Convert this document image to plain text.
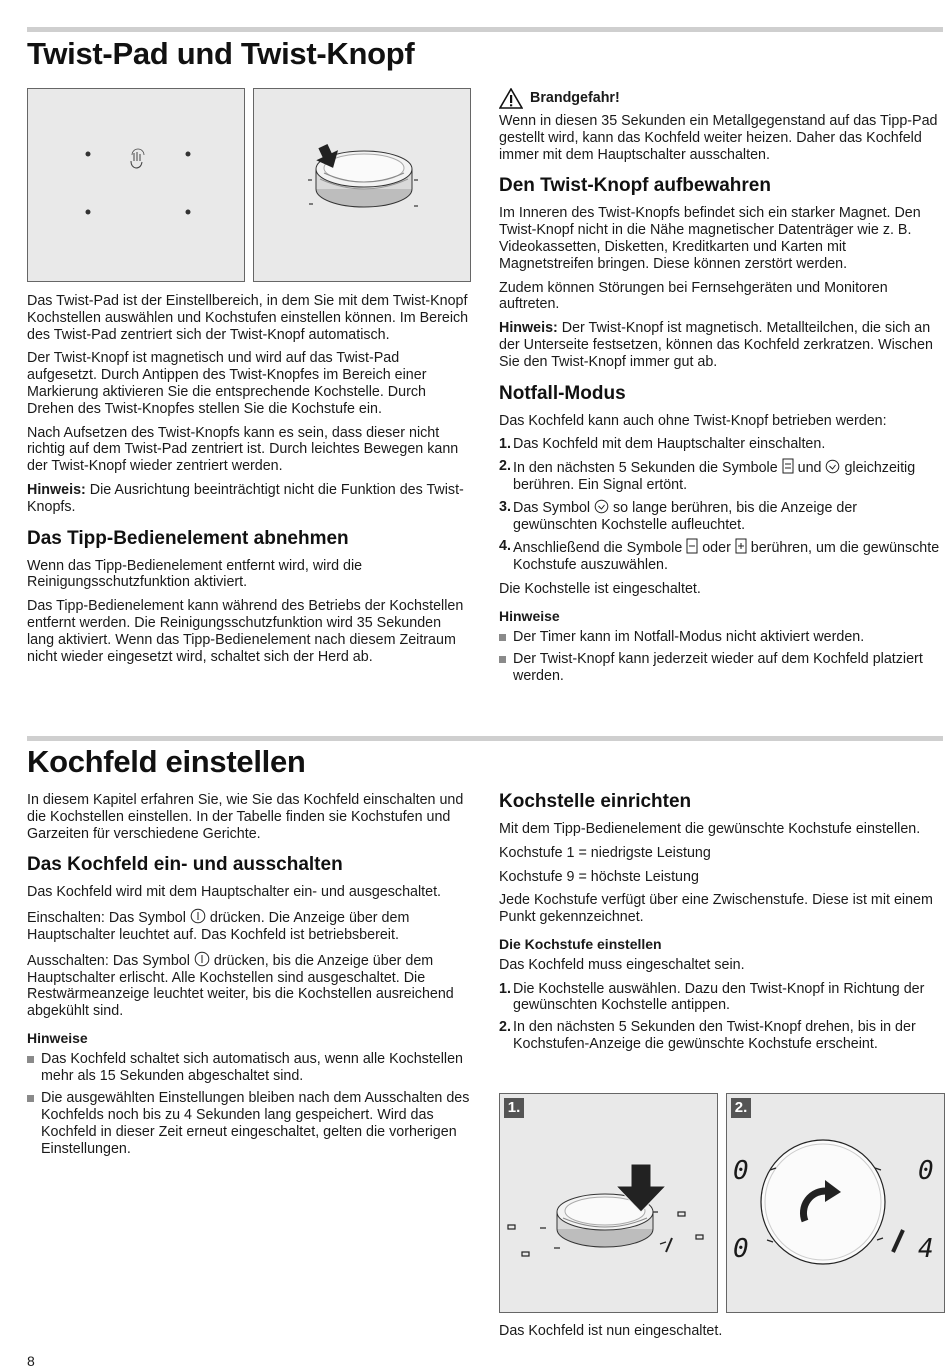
Twist-Pad und Twist-Knopf

Das Twist-Pad ist der Einstellbereich, in dem Sie mit dem Twist-Knopf Kochstellen auswählen und Kochstufen einstellen können. Im Bereich des Twist-Pad zentriert sich der Twist-Knopf automatisch.

Der Twist-Knopf ist magnetisch und wird auf das Twist-Pad aufgesetzt. Durch Antippen des Twist-Knopfes im Bereich einer Markierung aktivieren Sie die entsprechende Kochstelle. Durch Drehen des Twist-Knopfes stellen Sie die Kochstufe ein.

Nach Aufsetzen des Twist-Knopfs kann es sein, dass dieser nicht richtig auf dem Twist-Pad zentriert ist. Durch leichtes Bewegen kann der Twist-Knopf wieder zentriert werden.

Hinweis: Die Ausrichtung beeinträchtigt nicht die Funktion des Twist-Knopfs.

Das Tipp-Bedienelement abnehmen

Wenn das Tipp-Bedienelement entfernt wird, wird die Reinigungsschutzfunktion aktiviert.

Das Tipp-Bedienelement kann während des Betriebs der Kochstellen entfernt werden. Die Reinigungsschutzfunktion wird 35 Sekunden lang aktiviert. Wenn das Tipp-Bedienelement nach diesem Zeitraum nicht wieder eingesetzt wird, schaltet sich der Herd ab.

Brandgefahr!

Wenn in diesen 35 Sekunden ein Metallgegenstand auf das Tipp-Pad gestellt wird, kann das Kochfeld weiter heizen. Daher das Kochfeld immer mit dem Hauptschalter ausschalten.

Den Twist-Knopf aufbewahren

Im Inneren des Twist-Knopfs befindet sich ein starker Magnet. Den Twist-Knopf nicht in die Nähe magnetischer Datenträger wie z. B. Videokassetten, Disketten, Kreditkarten und Karten mit Magnetstreifen bringen. Diese können zerstört werden.

Zudem können Störungen bei Fernsehgeräten und Monitoren auftreten.

Hinweis: Der Twist-Knopf ist magnetisch. Metallteilchen, die sich an der Unterseite festsetzen, können das Kochfeld zerkratzen. Wischen Sie den Twist-Knopf immer gut ab.

Notfall-Modus

Das Kochfeld kann auch ohne Twist-Knopf betrieben werden:

1. Das Kochfeld mit dem Hauptschalter einschalten.
2. In den nächsten 5 Sekunden die Symbole  und  gleichzeitig berühren. Ein Signal ertönt.
3. Das Symbol  so lange berühren, bis die Anzeige der gewünschten Kochstelle aufleuchtet.
4. Anschließend die Symbole  oder  berühren, um die gewünschte Kochstufe auszuwählen.

Die Kochstelle ist eingeschaltet.

Hinweise
Der Timer kann im Notfall-Modus nicht aktiviert werden.
Der Twist-Knopf kann jederzeit wieder auf dem Kochfeld platziert werden.
Kochfeld einstellen

In diesem Kapitel erfahren Sie, wie Sie das Kochfeld einschalten und die Kochstellen einstellen. In der Tabelle finden sie Kochstufen und Garzeiten für verschiedene Gerichte.

Das Kochfeld ein- und ausschalten

Das Kochfeld wird mit dem Hauptschalter ein- und ausgeschaltet.

Einschalten: Das Symbol  drücken. Die Anzeige über dem Hauptschalter leuchtet auf. Das Kochfeld ist betriebsbereit.

Ausschalten: Das Symbol  drücken, bis die Anzeige über dem Hauptschalter erlischt. Alle Kochstellen sind ausgeschaltet. Die Restwärmeanzeige leuchtet weiter, bis die Kochstellen ausreichend abgekühlt sind.

Hinweise
Das Kochfeld schaltet sich automatisch aus, wenn alle Kochstellen mehr als 15 Sekunden abgeschaltet sind.
Die ausgewählten Einstellungen bleiben nach dem Ausschalten des Kochfelds noch bis zu 4 Sekunden lang gespeichert. Wird das Kochfeld in dieser Zeit erneut eingeschaltet, gelten die vorherigen Einstellungen.
Kochstelle einrichten

Mit dem Tipp-Bedienelement die gewünschte Kochstufe einstellen.

Kochstufe 1 = niedrigste Leistung

Kochstufe 9 = höchste Leistung

Jede Kochstufe verfügt über eine Zwischenstufe. Diese ist mit einem Punkt gekennzeichnet.

Die Kochstufe einstellen

Das Kochfeld muss eingeschaltet sein.

1. Die Kochstelle auswählen. Dazu den Twist-Knopf in Richtung der gewünschten Kochstelle antippen.
2. In den nächsten 5 Sekunden den Twist-Knopf drehen, bis in der Kochstufen-Anzeige die gewünschte Kochstufe erscheint.
1.
0	0
0	4
2.

Das Kochfeld ist nun eingeschaltet.

8
